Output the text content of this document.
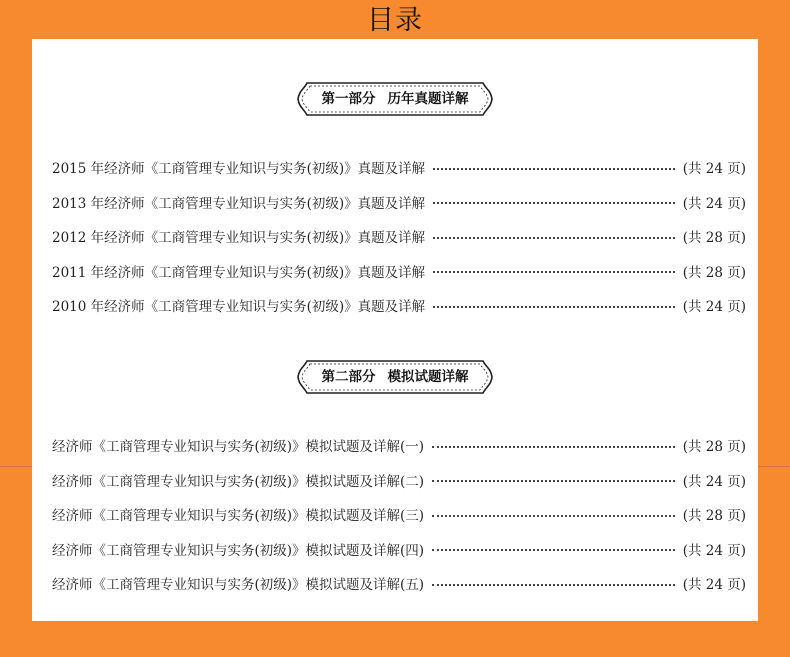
目录
第一部分 历年真题详解
2015 年经济师《工商管理专业知识与实务(初级)》真题及详解	(共 24 页)
2013 年经济师《工商管理专业知识与实务(初级)》真题及详解	(共 24 页)
2012 年经济师《工商管理专业知识与实务(初级)》真题及详解	(共 28 页)
2011 年经济师《工商管理专业知识与实务(初级)》真题及详解	(共 28 页)
2010 年经济师《工商管理专业知识与实务(初级)》真题及详解	(共 24 页)
第二部分 模拟试题详解
经济师《工商管理专业知识与实务(初级)》模拟试题及详解(一)	(共 28 页)
经济师《工商管理专业知识与实务(初级)》模拟试题及详解(二)	(共 24 页)
经济师《工商管理专业知识与实务(初级)》模拟试题及详解(三)	(共 28 页)
经济师《工商管理专业知识与实务(初级)》模拟试题及详解(四)	(共 24 页)
经济师《工商管理专业知识与实务(初级)》模拟试题及详解(五)	(共 24 页)
